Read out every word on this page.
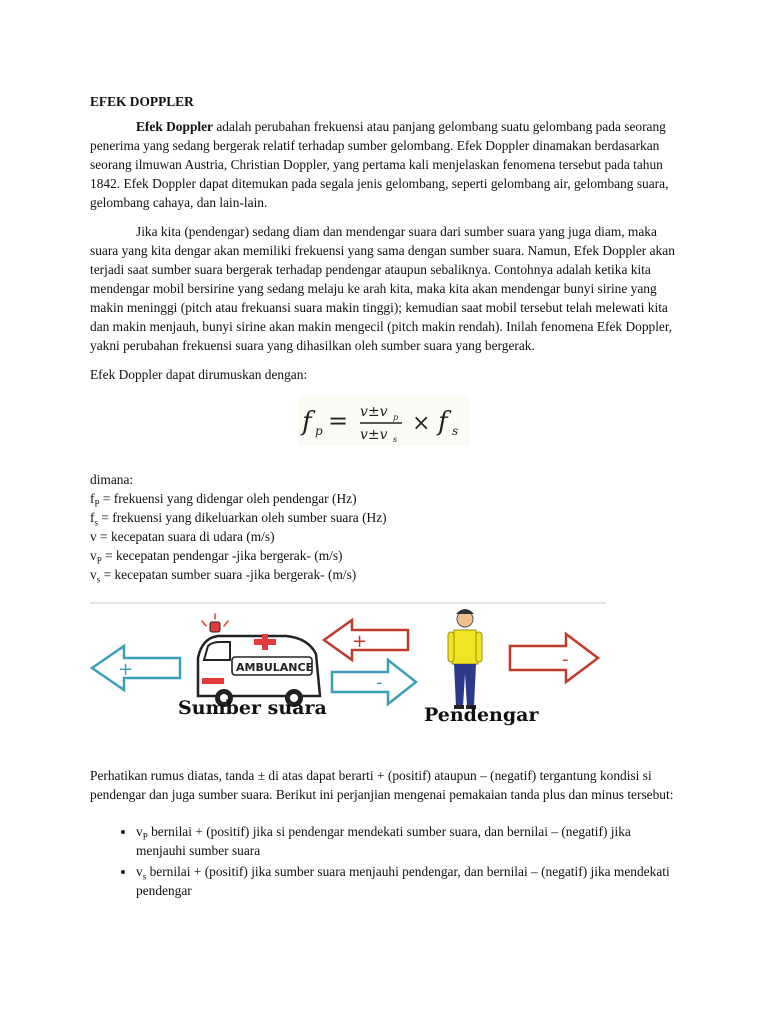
EFEK DOPPLER

Efek Doppler adalah perubahan frekuensi atau panjang gelombang suatu gelombang pada seorang penerima yang sedang bergerak relatif terhadap sumber gelombang. Efek Doppler dinamakan berdasarkan seorang ilmuwan Austria, Christian Doppler, yang pertama kali menjelaskan fenomena tersebut pada tahun 1842. Efek Doppler dapat ditemukan pada segala jenis gelombang, seperti gelombang air, gelombang suara, gelombang cahaya, dan lain-lain.

Jika kita (pendengar) sedang diam dan mendengar suara dari sumber suara yang juga diam, maka suara yang kita dengar akan memiliki frekuensi yang sama dengan sumber suara. Namun, Efek Doppler akan terjadi saat sumber suara bergerak terhadap pendengar ataupun sebaliknya. Contohnya adalah ketika kita mendengar mobil bersirine yang sedang melaju ke arah kita, maka kita akan mendengar bunyi sirine yang makin meninggi (pitch atau frekuansi suara makin tinggi); kemudian saat mobil tersebut telah melewati kita dan makin menjauh, bunyi sirine akan makin mengecil (pitch makin rendah). Inilah fenomena Efek Doppler, yakni perubahan frekuensi suara yang dihasilkan oleh sumber suara yang bergerak.

Efek Doppler dapat dirumuskan dengan:

f p = v±v p
v±v s
× f s
dimana:
$f_P$ = frekuensi yang didengar oleh pendengar (Hz)
$f_s$ = frekuensi yang dikeluarkan oleh sumber suara (Hz)
v = kecepatan suara di udara (m/s)
$v_P$ = kecepatan pendengar -jika bergerak- (m/s)
$v_s$ = kecepatan sumber suara -jika bergerak- (m/s)
+	AMBULANCE
+
-
-
Sumber suara	Pendengar

Perhatikan rumus diatas, tanda ± di atas dapat berarti + (positif) ataupun – (negatif) tergantung kondisi si pendengar dan juga sumber suara. Berikut ini perjanjian mengenai pemakaian tanda plus dan minus tersebut:

• $v_P$ bernilai + (positif) jika si pendengar mendekati sumber suara, dan bernilai – (negatif) jika menjauhi sumber suara
• $v_s$ bernilai + (positif) jika sumber suara menjauhi pendengar, dan bernilai – (negatif) jika mendekati pendengar
